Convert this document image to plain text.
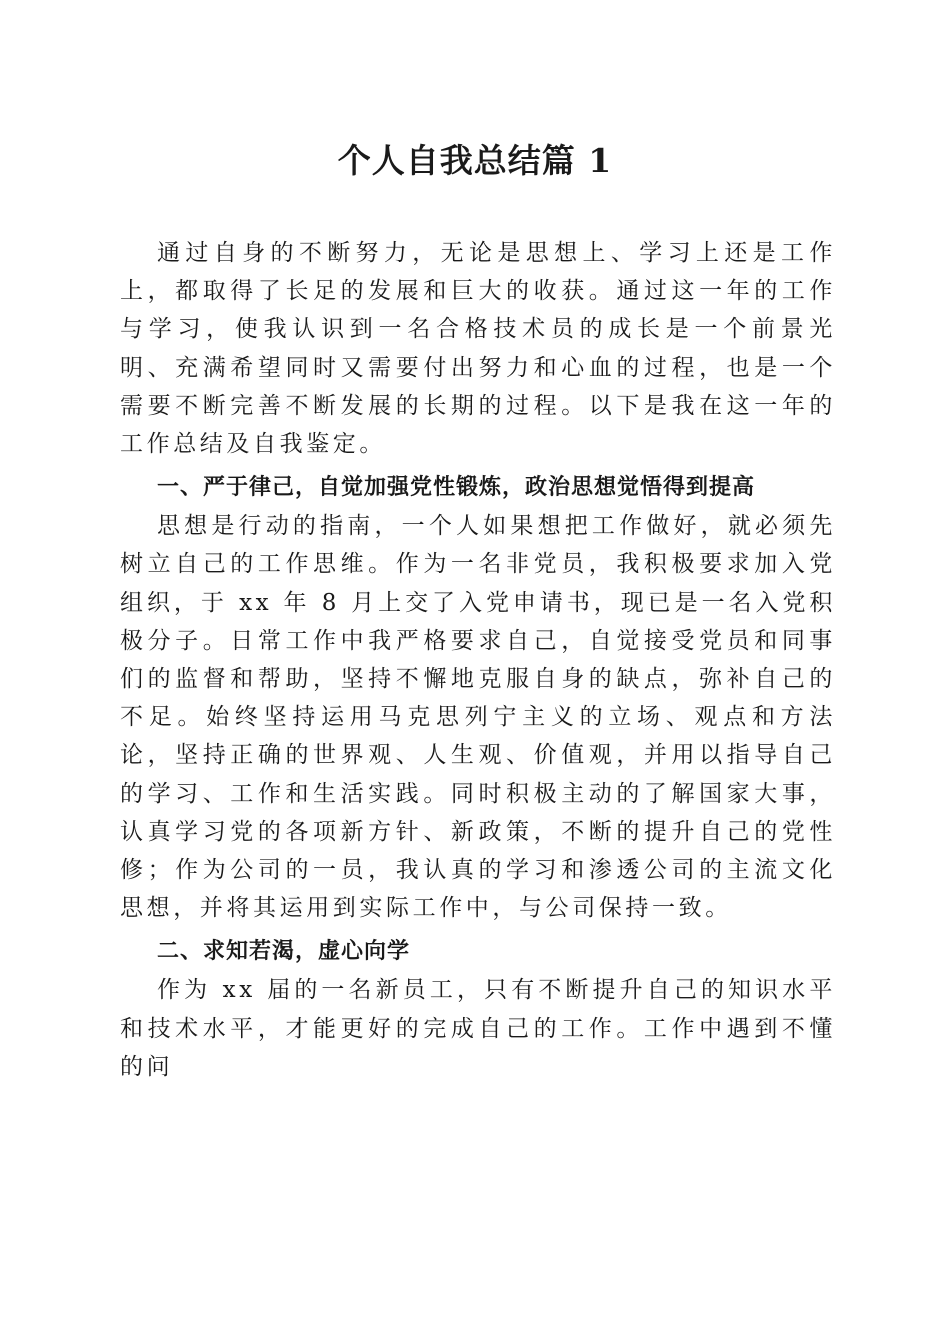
个人自我总结篇 1

通过自身的不断努力，无论是思想上、学习上还是工作上，都取得了长足的发展和巨大的收获。通过这一年的工作与学习，使我认识到一名合格技术员的成长是一个前景光明、充满希望同时又需要付出努力和心血的过程，也是一个需要不断完善不断发展的长期的过程。以下是我在这一年的工作总结及自我鉴定。

一、严于律己，自觉加强党性锻炼，政治思想觉悟得到提高

思想是行动的指南，一个人如果想把工作做好，就必须先树立自己的工作思维。作为一名非党员，我积极要求加入党组织，于 xx 年 8 月上交了入党申请书，现已是一名入党积极分子。日常工作中我严格要求自己，自觉接受党员和同事们的监督和帮助，坚持不懈地克服自身的缺点，弥补自己的不足。始终坚持运用马克思列宁主义的立场、观点和方法论，坚持正确的世界观、人生观、价值观，并用以指导自己的学习、工作和生活实践。同时积极主动的了解国家大事，认真学习党的各项新方针、新政策，不断的提升自己的党性修；作为公司的一员，我认真的学习和渗透公司的主流文化思想，并将其运用到实际工作中，与公司保持一致。

二、求知若渴，虚心向学

作为 xx 届的一名新员工，只有不断提升自己的知识水平和技术水平，才能更好的完成自己的工作。工作中遇到不懂的问
